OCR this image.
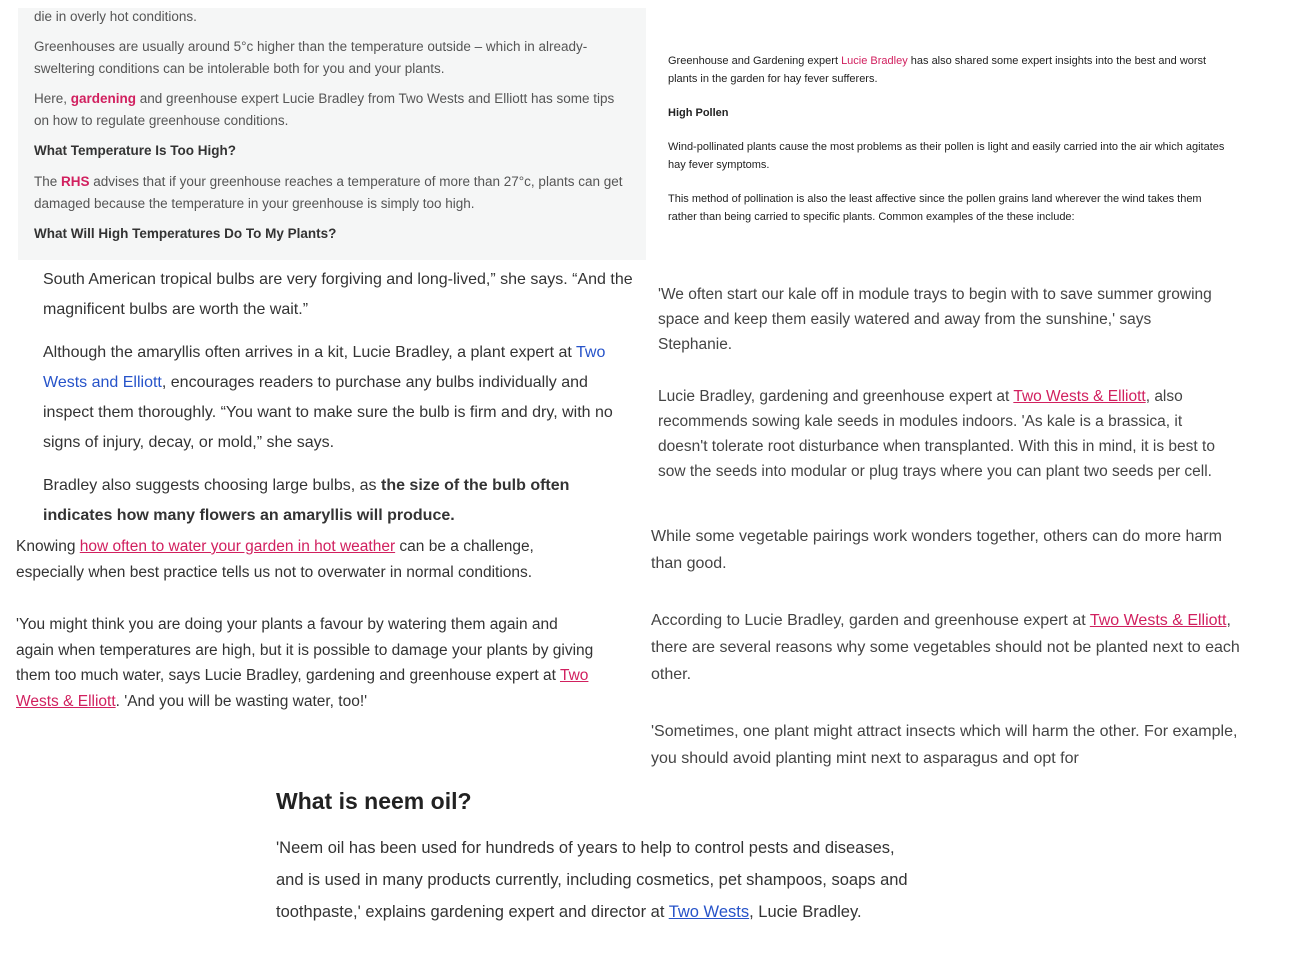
die in overly hot conditions.

Greenhouses are usually around 5°c higher than the temperature outside – which in already-sweltering conditions can be intolerable both for you and your plants.

Here, gardening and greenhouse expert Lucie Bradley from Two Wests and Elliott has some tips on how to regulate greenhouse conditions.

What Temperature Is Too High?

The RHS advises that if your greenhouse reaches a temperature of more than 27°c, plants can get damaged because the temperature in your greenhouse is simply too high.

What Will High Temperatures Do To My Plants?

Greenhouse and Gardening expert Lucie Bradley has also shared some expert insights into the best and worst plants in the garden for hay fever sufferers.

High Pollen

Wind-pollinated plants cause the most problems as their pollen is light and easily carried into the air which agitates hay fever symptoms.

This method of pollination is also the least affective since the pollen grains land wherever the wind takes them rather than being carried to specific plants. Common examples of the these include:

South American tropical bulbs are very forgiving and long-lived,” she says. “And the magnificent bulbs are worth the wait.”

Although the amaryllis often arrives in a kit, Lucie Bradley, a plant expert at Two Wests and Elliott, encourages readers to purchase any bulbs individually and inspect them thoroughly. “You want to make sure the bulb is firm and dry, with no signs of injury, decay, or mold,” she says.

Bradley also suggests choosing large bulbs, as the size of the bulb often indicates how many flowers an amaryllis will produce.

'We often start our kale off in module trays to begin with to save summer growing space and keep them easily watered and away from the sunshine,' says Stephanie.

Lucie Bradley, gardening and greenhouse expert at Two Wests & Elliott, also recommends sowing kale seeds in modules indoors. 'As kale is a brassica, it doesn't tolerate root disturbance when transplanted. With this in mind, it is best to sow the seeds into modular or plug trays where you can plant two seeds per cell.

Knowing how often to water your garden in hot weather can be a challenge, especially when best practice tells us not to overwater in normal conditions.

'You might think you are doing your plants a favour by watering them again and again when temperatures are high, but it is possible to damage your plants by giving them too much water, says Lucie Bradley, gardening and greenhouse expert at Two Wests & Elliott. 'And you will be wasting water, too!'

While some vegetable pairings work wonders together, others can do more harm than good.

According to Lucie Bradley, garden and greenhouse expert at Two Wests & Elliott, there are several reasons why some vegetables should not be planted next to each other.

'Sometimes, one plant might attract insects which will harm the other. For example, you should avoid planting mint next to asparagus and opt for

What is neem oil?

'Neem oil has been used for hundreds of years to help to control pests and diseases, and is used in many products currently, including cosmetics, pet shampoos, soaps and toothpaste,' explains gardening expert and director at Two Wests, Lucie Bradley.
